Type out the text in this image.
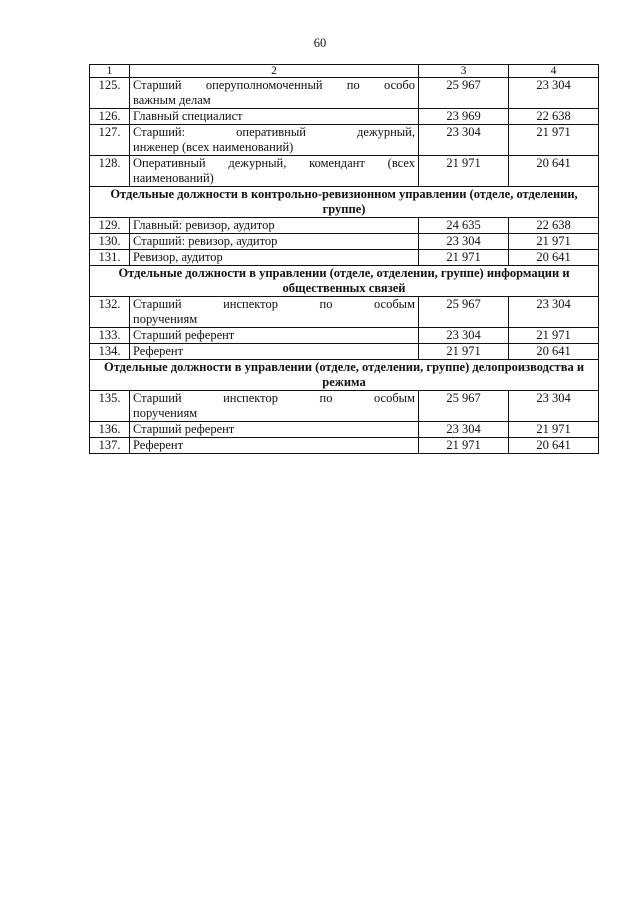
60
1	2	3	4
125.	Старший оперуполномоченный по особо
важным делам	25 967	23 304
126.	Главный специалист	23 969	22 638
127.	Старший: оперативный дежурный,
инженер (всех наименований)	23 304	21 971
128.	Оперативный дежурный, комендант (всех
наименований)	21 971	20 641
Отдельные должности в контрольно-ревизионном управлении (отделе, отделении, группе)			
129.	Главный: ревизор, аудитор	24 635	22 638
130.	Старший: ревизор, аудитор	23 304	21 971
131.	Ревизор, аудитор	21 971	20 641
Отдельные должности в управлении (отделе, отделении, группе) информации и общественных связей			
132.	Старший инспектор по особым
поручениям	25 967	23 304
133.	Старший референт	23 304	21 971
134.	Референт	21 971	20 641
Отдельные должности в управлении (отделе, отделении, группе) делопроизводства и режима			
135.	Старший инспектор по особым
поручениям	25 967	23 304
136.	Старший референт	23 304	21 971
137.	Референт	21 971	20 641
